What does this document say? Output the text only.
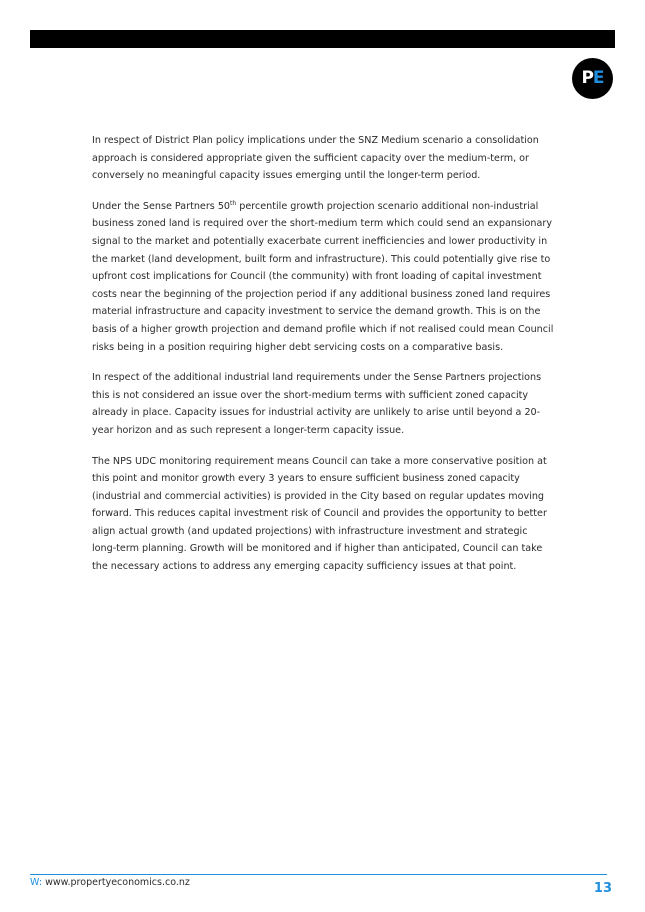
PE

In respect of District Plan policy implications under the SNZ Medium scenario a consolidation approach is considered appropriate given the sufficient capacity over the medium-term, or conversely no meaningful capacity issues emerging until the longer-term period.

Under the Sense Partners 50th percentile growth projection scenario additional non-industrial business zoned land is required over the short-medium term which could send an expansionary signal to the market and potentially exacerbate current inefficiencies and lower productivity in the market (land development, built form and infrastructure). This could potentially give rise to upfront cost implications for Council (the community) with front loading of capital investment costs near the beginning of the projection period if any additional business zoned land requires material infrastructure and capacity investment to service the demand growth. This is on the basis of a higher growth projection and demand profile which if not realised could mean Council risks being in a position requiring higher debt servicing costs on a comparative basis.

In respect of the additional industrial land requirements under the Sense Partners projections this is not considered an issue over the short-medium terms with sufficient zoned capacity already in place. Capacity issues for industrial activity are unlikely to arise until beyond a 20-year horizon and as such represent a longer-term capacity issue.

The NPS UDC monitoring requirement means Council can take a more conservative position at this point and monitor growth every 3 years to ensure sufficient business zoned capacity (industrial and commercial activities) is provided in the City based on regular updates moving forward. This reduces capital investment risk of Council and provides the opportunity to better align actual growth (and updated projections) with infrastructure investment and strategic long-term planning. Growth will be monitored and if higher than anticipated, Council can take the necessary actions to address any emerging capacity sufficiency issues at that point.

W: www.propertyeconomics.co.nz	13
